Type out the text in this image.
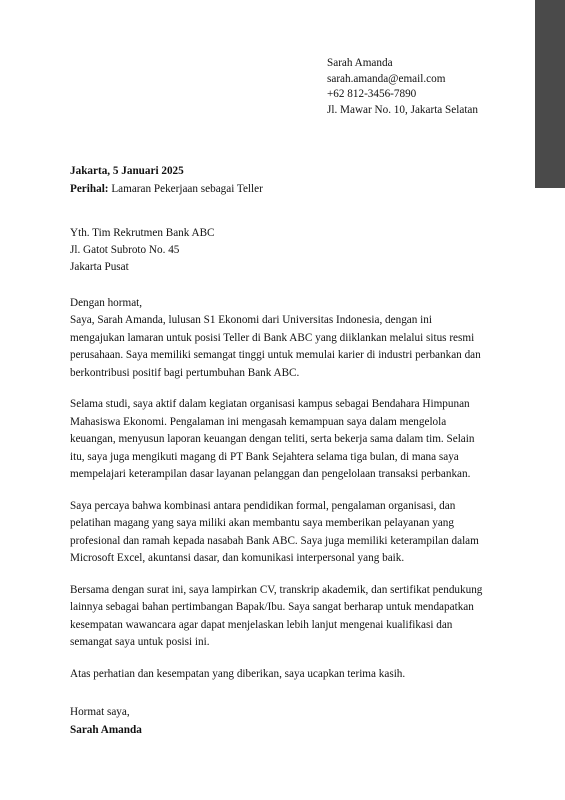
Sarah Amanda
sarah.amanda@email.com
+62 812-3456-7890
Jl. Mawar No. 10, Jakarta Selatan
Jakarta, 5 Januari 2025
Perihal: Lamaran Pekerjaan sebagai Teller
Yth. Tim Rekrutmen Bank ABC
Jl. Gatot Subroto No. 45
Jakarta Pusat
Dengan hormat,
Saya, Sarah Amanda, lulusan S1 Ekonomi dari Universitas Indonesia, dengan ini
mengajukan lamaran untuk posisi Teller di Bank ABC yang diiklankan melalui situs resmi
perusahaan. Saya memiliki semangat tinggi untuk memulai karier di industri perbankan dan
berkontribusi positif bagi pertumbuhan Bank ABC.
Selama studi, saya aktif dalam kegiatan organisasi kampus sebagai Bendahara Himpunan
Mahasiswa Ekonomi. Pengalaman ini mengasah kemampuan saya dalam mengelola
keuangan, menyusun laporan keuangan dengan teliti, serta bekerja sama dalam tim. Selain
itu, saya juga mengikuti magang di PT Bank Sejahtera selama tiga bulan, di mana saya
mempelajari keterampilan dasar layanan pelanggan dan pengelolaan transaksi perbankan.
Saya percaya bahwa kombinasi antara pendidikan formal, pengalaman organisasi, dan
pelatihan magang yang saya miliki akan membantu saya memberikan pelayanan yang
profesional dan ramah kepada nasabah Bank ABC. Saya juga memiliki keterampilan dalam
Microsoft Excel, akuntansi dasar, dan komunikasi interpersonal yang baik.
Bersama dengan surat ini, saya lampirkan CV, transkrip akademik, dan sertifikat pendukung
lainnya sebagai bahan pertimbangan Bapak/Ibu. Saya sangat berharap untuk mendapatkan
kesempatan wawancara agar dapat menjelaskan lebih lanjut mengenai kualifikasi dan
semangat saya untuk posisi ini.
Atas perhatian dan kesempatan yang diberikan, saya ucapkan terima kasih.
Hormat saya,
Sarah Amanda
